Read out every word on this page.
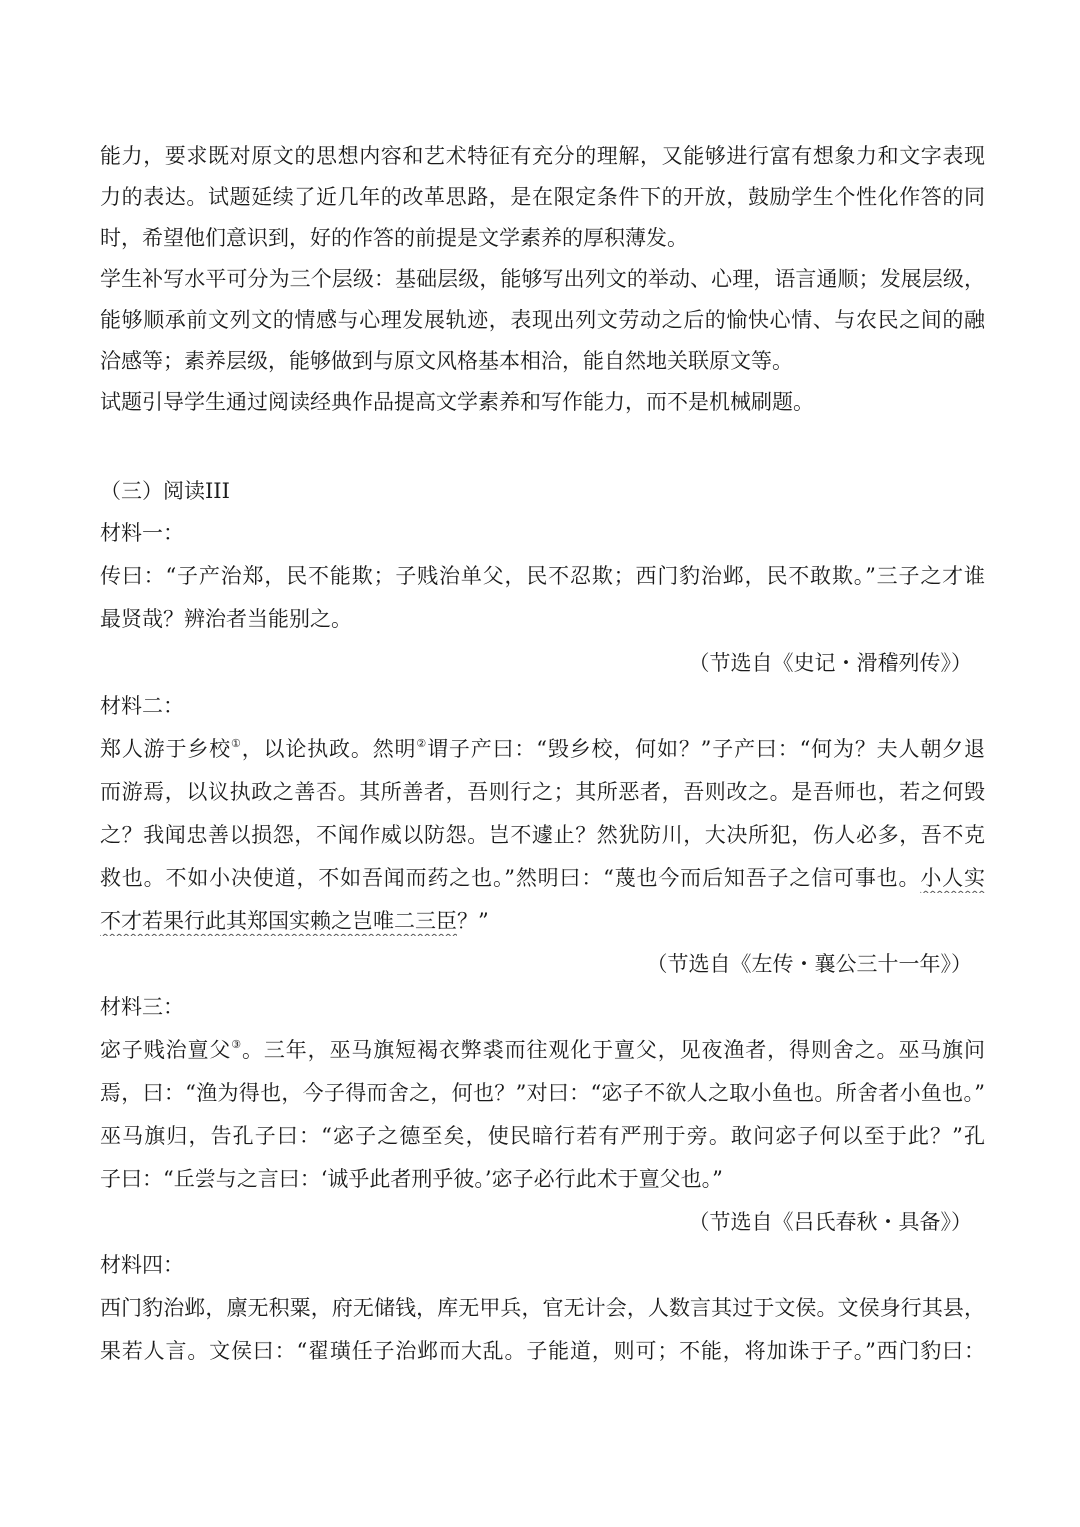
能力，要求既对原文的思想内容和艺术特征有充分的理解，又能够进行富有想象力和文字表现

力的表达。试题延续了近几年的改革思路，是在限定条件下的开放，鼓励学生个性化作答的同

时，希望他们意识到，好的作答的前提是文学素养的厚积薄发。

学生补写水平可分为三个层级：基础层级，能够写出列文的举动、心理，语言通顺；发展层级，

能够顺承前文列文的情感与心理发展轨迹，表现出列文劳动之后的愉快心情、与农民之间的融

洽感等；素养层级，能够做到与原文风格基本相洽，能自然地关联原文等。

试题引导学生通过阅读经典作品提高文学素养和写作能力，而不是机械刷题。

（三）阅读III

材料一：

传曰：“子产治郑，民不能欺；子贱治单父，民不忍欺；西门豹治邺，民不敢欺。”三子之才谁

最贤哉？辨治者当能别之。

（节选自《史记・滑稽列传》）

材料二：

郑人游于乡校①，以论执政。然明②谓子产曰：“毁乡校，何如？”子产曰：“何为？夫人朝夕退

而游焉，以议执政之善否。其所善者，吾则行之；其所恶者，吾则改之。是吾师也，若之何毁

之？我闻忠善以损怨，不闻作威以防怨。岂不遽止？然犹防川，大决所犯，伤人必多，吾不克

救也。不如小决使道，不如吾闻而药之也。”然明曰：“蔑也今而后知吾子之信可事也。小人实

不才若果行此其郑国实赖之岂唯二三臣？”

（节选自《左传・襄公三十一年》）

材料三：

宓子贱治亶父③。三年，巫马旗短褐衣弊裘而往观化于亶父，见夜渔者，得则舍之。巫马旗问

焉，曰：“渔为得也，今子得而舍之，何也？”对曰：“宓子不欲人之取小鱼也。所舍者小鱼也。”

巫马旗归，告孔子曰：“宓子之德至矣，使民暗行若有严刑于旁。敢问宓子何以至于此？”孔

子曰：“丘尝与之言曰：‘诚乎此者刑乎彼。’宓子必行此术于亶父也。”

（节选自《吕氏春秋・具备》）

材料四：

西门豹治邺，廪无积粟，府无储钱，库无甲兵，官无计会，人数言其过于文侯。文侯身行其县，

果若人言。文侯曰：“翟璜任子治邺而大乱。子能道，则可；不能，将加诛于子。”西门豹曰：
